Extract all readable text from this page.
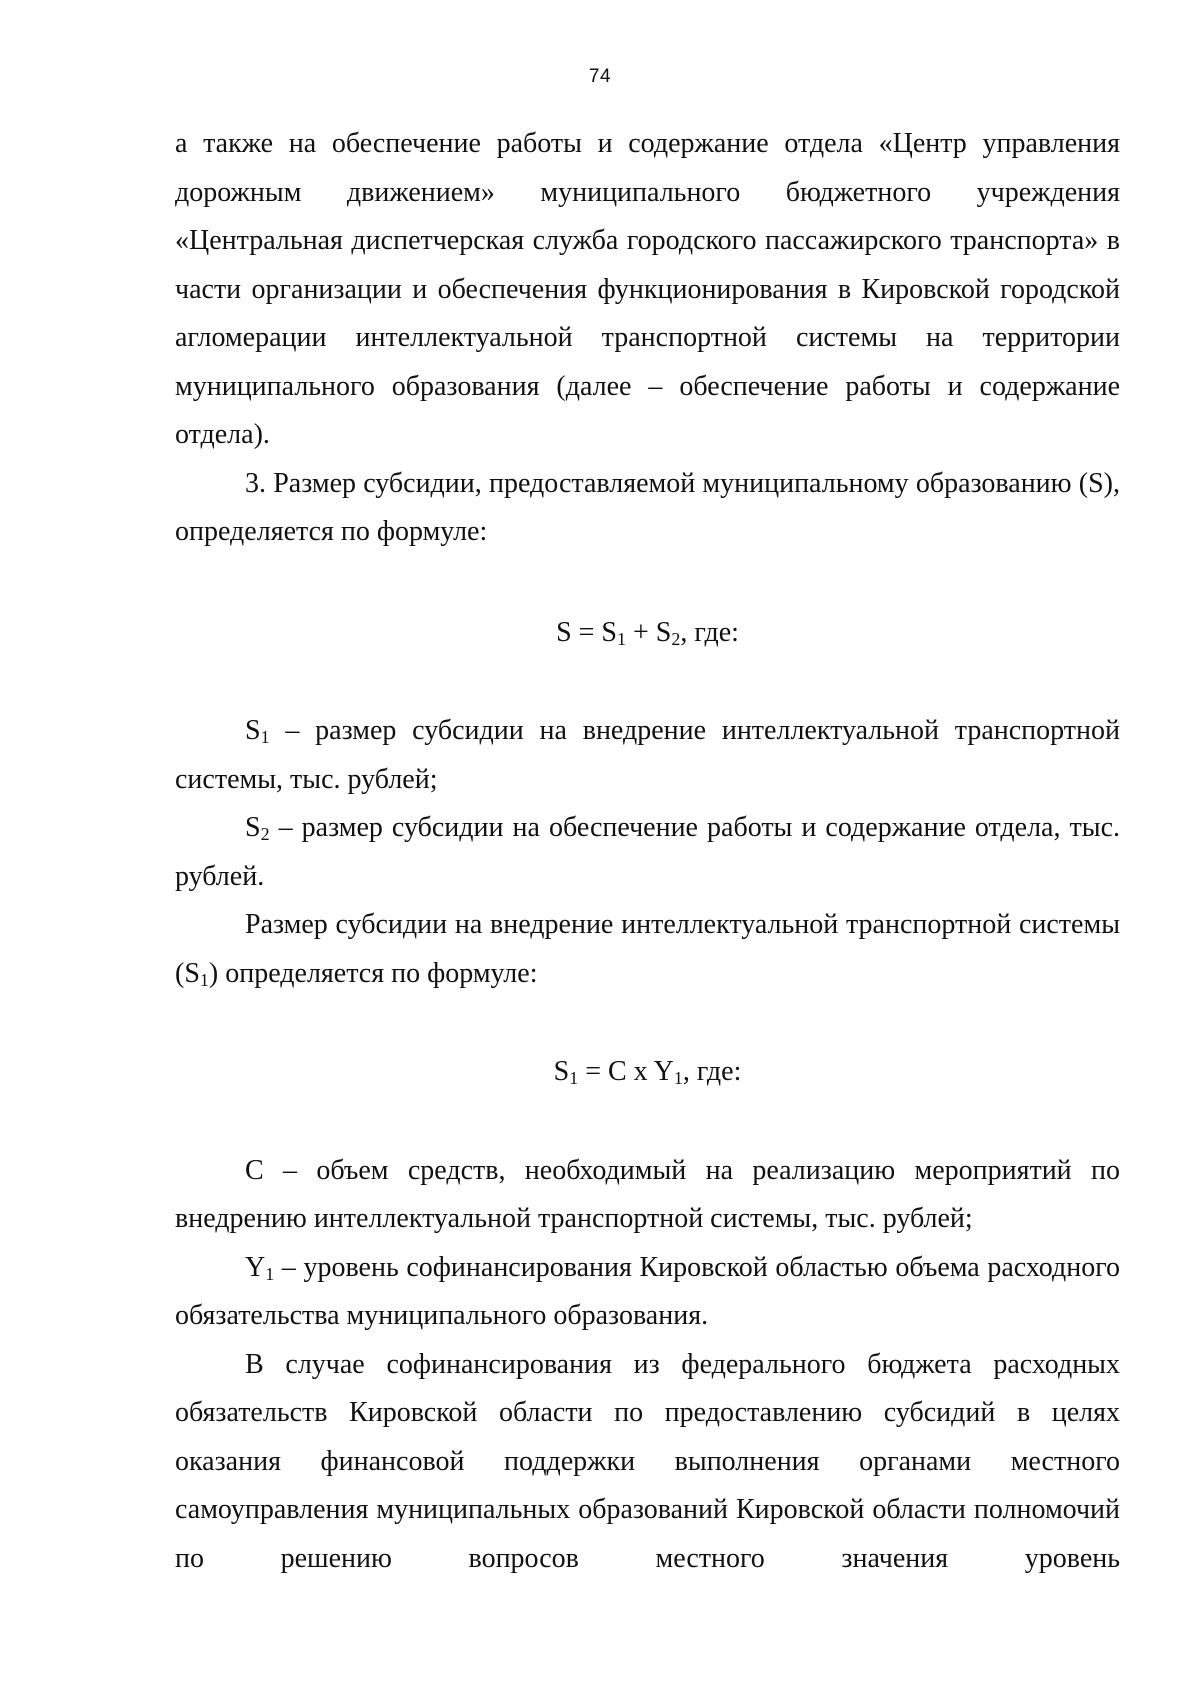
74

а также на обеспечение работы и содержание отдела «Центр управления дорожным движением» муниципального бюджетного учреждения «Центральная диспетчерская служба городского пассажирского транспорта» в части организации и обеспечения функционирования в Кировской городской агломерации интеллектуальной транспортной системы на территории муниципального образования (далее – обеспечение работы и содержание отдела).

3. Размер субсидии, предоставляемой муниципальному образованию (S), определяется по формуле:

$S = S_1 + S_2$, где:

$S_1$ – размер субсидии на внедрение интеллектуальной транспортной системы, тыс. рублей;

$S_2$ – размер субсидии на обеспечение работы и содержание отдела, тыс. рублей.

Размер субсидии на внедрение интеллектуальной транспортной системы $(S_1)$ определяется по формуле:

$S_1 = C$ x $Y_1$, где:

С – объем средств, необходимый на реализацию мероприятий по внедрению интеллектуальной транспортной системы, тыс. рублей;

$Y_1$ – уровень софинансирования Кировской областью объема расходного обязательства муниципального образования.

В случае софинансирования из федерального бюджета расходных обязательств Кировской области по предоставлению субсидий в целях оказания финансовой поддержки выполнения органами местного самоуправления муниципальных образований Кировской области полномочий по решению вопросов местного значения уровень
